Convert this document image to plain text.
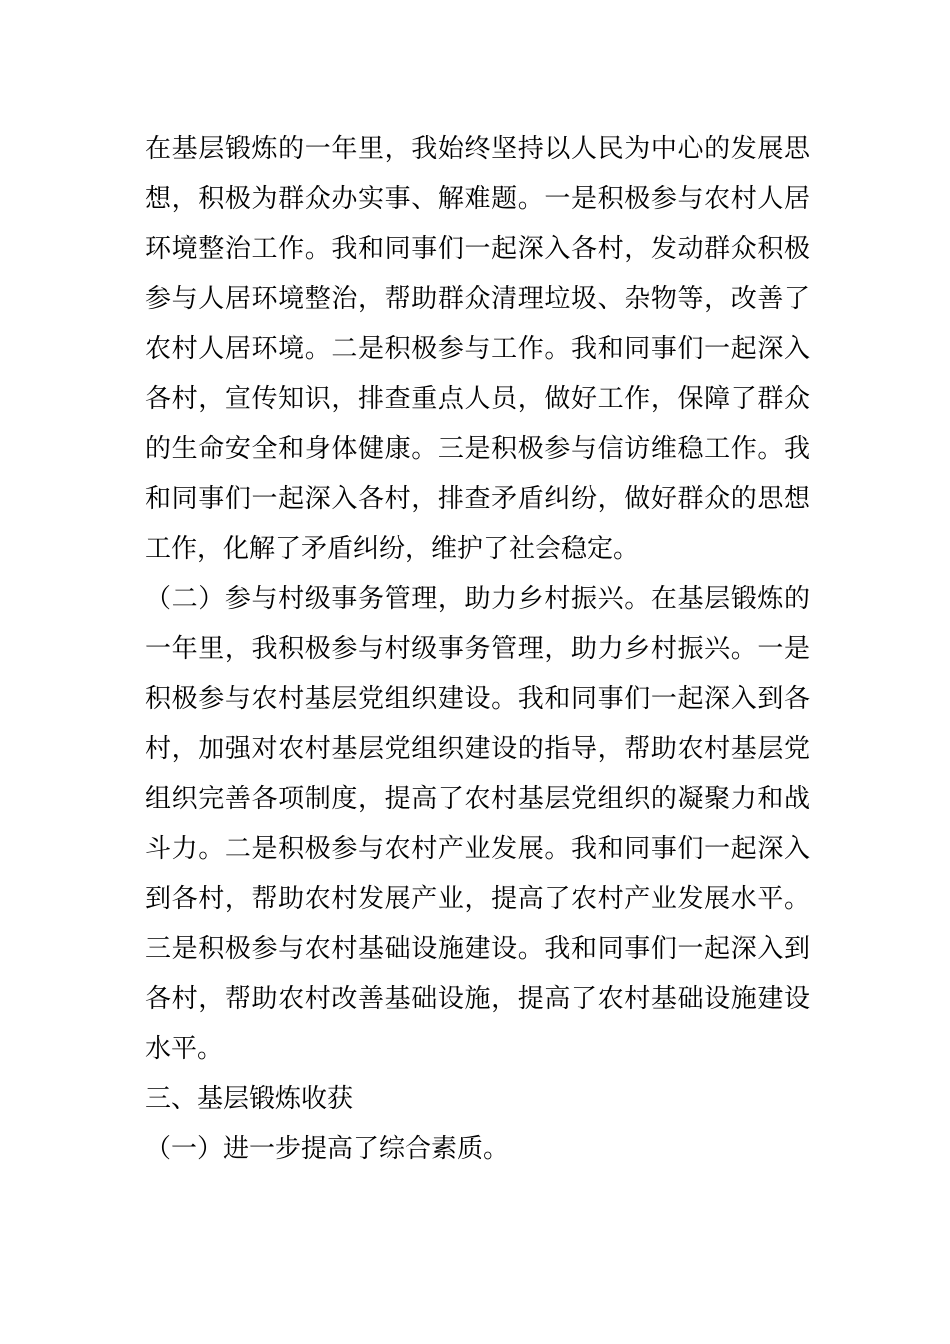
在基层锻炼的一年里，我始终坚持以人民为中心的发展思
想，积极为群众办实事、解难题。一是积极参与农村人居
环境整治工作。我和同事们一起深入各村，发动群众积极
参与人居环境整治，帮助群众清理垃圾、杂物等，改善了
农村人居环境。二是积极参与工作。我和同事们一起深入
各村，宣传知识，排查重点人员，做好工作，保障了群众
的生命安全和身体健康。三是积极参与信访维稳工作。我
和同事们一起深入各村，排查矛盾纠纷，做好群众的思想
工作，化解了矛盾纠纷，维护了社会稳定。
（二）参与村级事务管理，助力乡村振兴。在基层锻炼的
一年里，我积极参与村级事务管理，助力乡村振兴。一是
积极参与农村基层党组织建设。我和同事们一起深入到各
村，加强对农村基层党组织建设的指导，帮助农村基层党
组织完善各项制度，提高了农村基层党组织的凝聚力和战
斗力。二是积极参与农村产业发展。我和同事们一起深入
到各村，帮助农村发展产业，提高了农村产业发展水平。
三是积极参与农村基础设施建设。我和同事们一起深入到
各村，帮助农村改善基础设施，提高了农村基础设施建设
水平。
三、基层锻炼收获
（一）进一步提高了综合素质。
